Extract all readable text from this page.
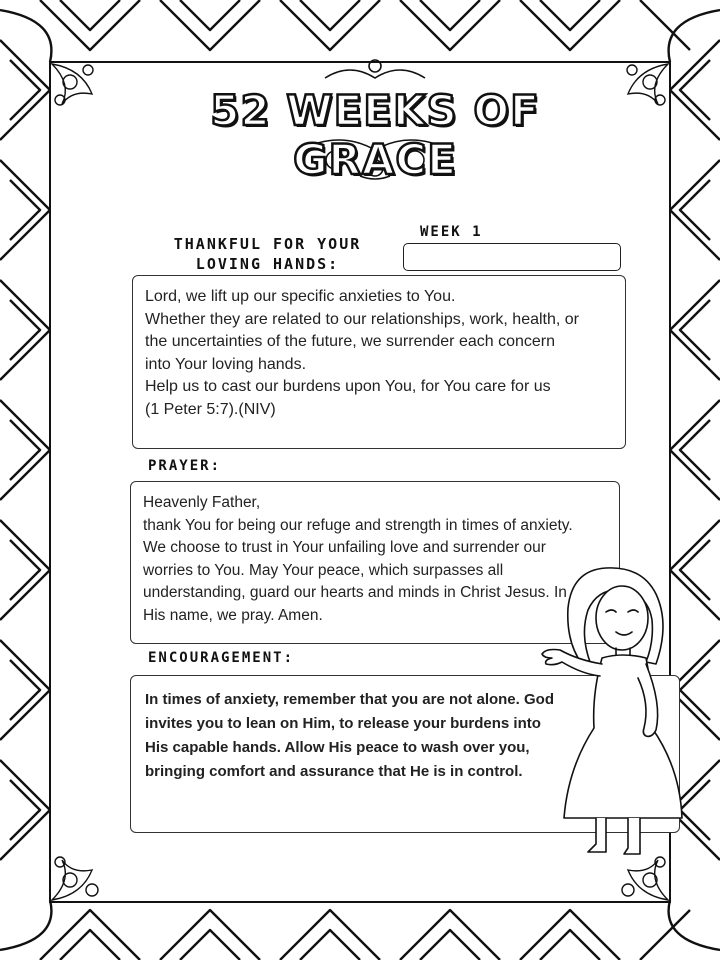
52 WEEKS OF GRACE
THANKFUL FOR YOUR
LOVING HANDS:
WEEK 1
Lord, we lift up our specific anxieties to You.
Whether they are related to our relationships, work, health, or
the uncertainties of the future, we surrender each concern
into Your loving hands.
Help us to cast our burdens upon You, for You care for us
(1 Peter 5:7).(NIV)
PRAYER:
Heavenly Father,
thank You for being our refuge and strength in times of anxiety.
We choose to trust in Your unfailing love and surrender our
worries to You. May Your peace, which surpasses all
understanding, guard our hearts and minds in Christ Jesus. In
His name, we pray. Amen.
ENCOURAGEMENT:
In times of anxiety, remember that you are not alone. God
invites you to lean on Him, to release your burdens into
His capable hands. Allow His peace to wash over you,
bringing comfort and assurance that He is in control.
